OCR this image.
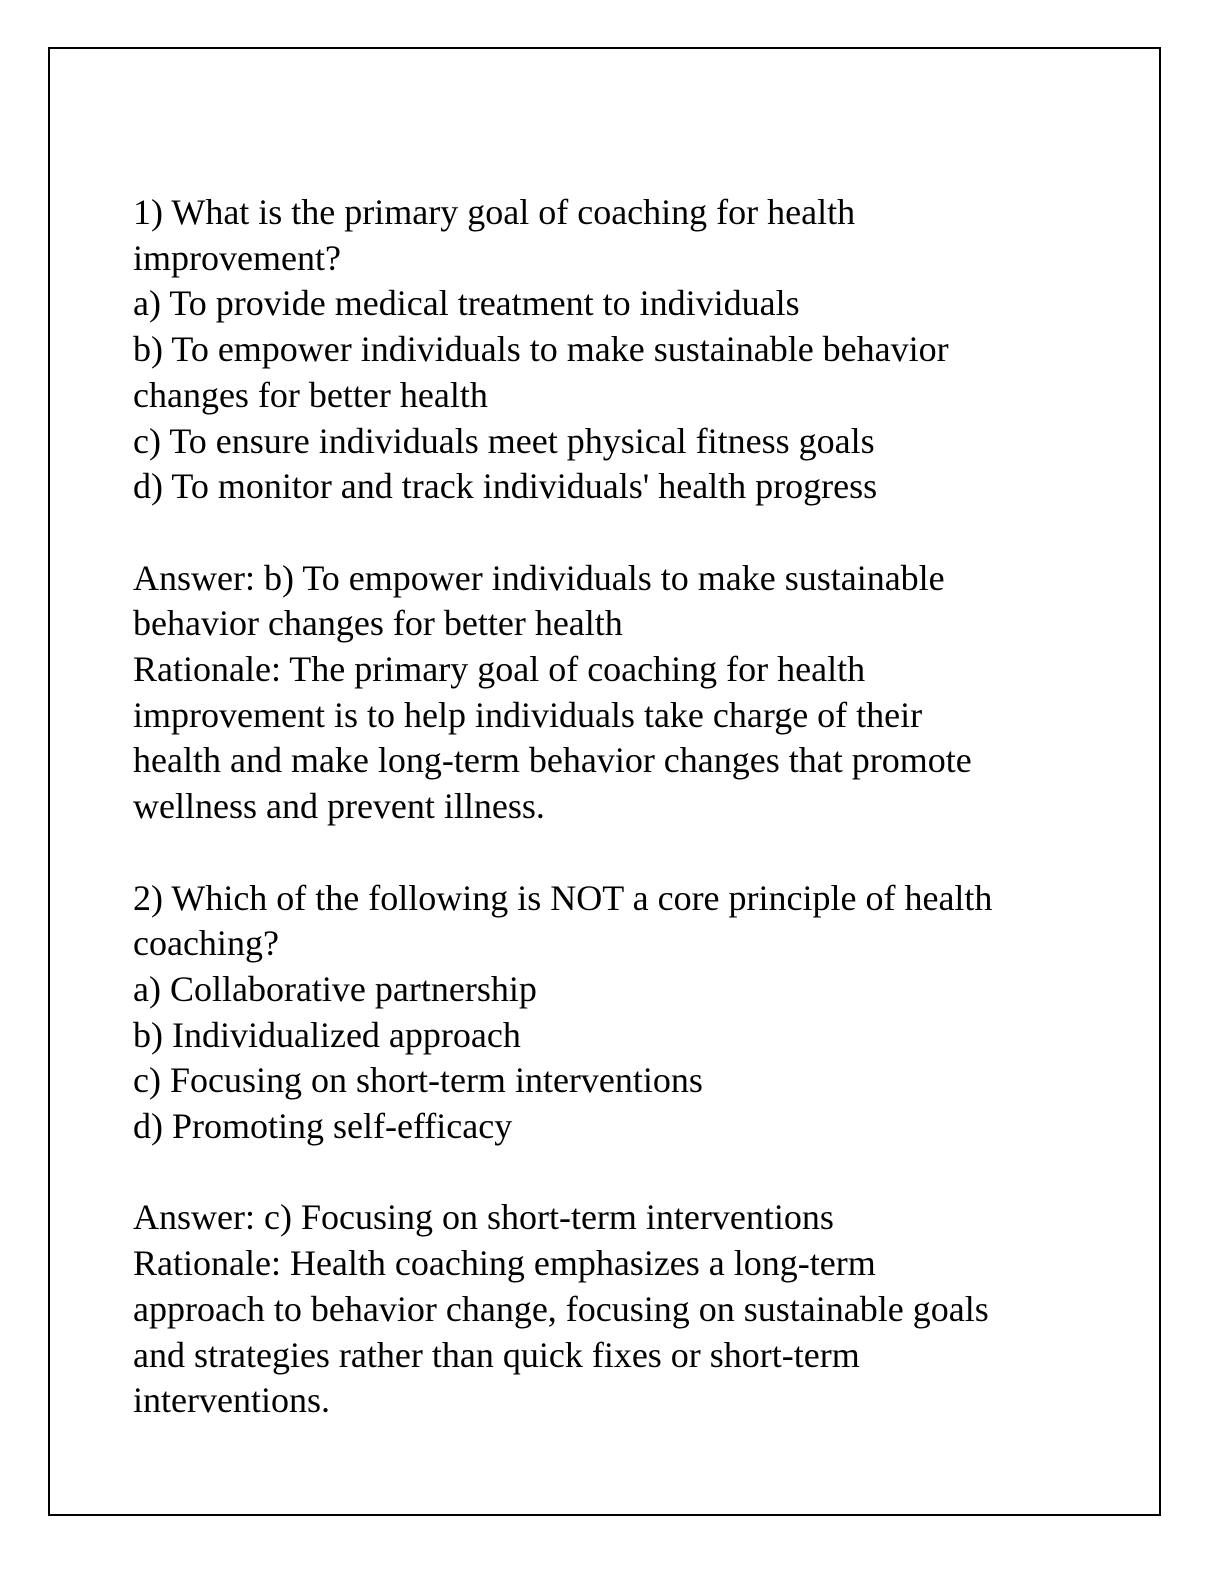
1) What is the primary goal of coaching for health
improvement?
a) To provide medical treatment to individuals
b) To empower individuals to make sustainable behavior
changes for better health
c) To ensure individuals meet physical fitness goals
d) To monitor and track individuals' health progress
Answer: b) To empower individuals to make sustainable
behavior changes for better health
Rationale: The primary goal of coaching for health
improvement is to help individuals take charge of their
health and make long-term behavior changes that promote
wellness and prevent illness.
2) Which of the following is NOT a core principle of health
coaching?
a) Collaborative partnership
b) Individualized approach
c) Focusing on short-term interventions
d) Promoting self-efficacy
Answer: c) Focusing on short-term interventions
Rationale: Health coaching emphasizes a long-term
approach to behavior change, focusing on sustainable goals
and strategies rather than quick fixes or short-term
interventions.
